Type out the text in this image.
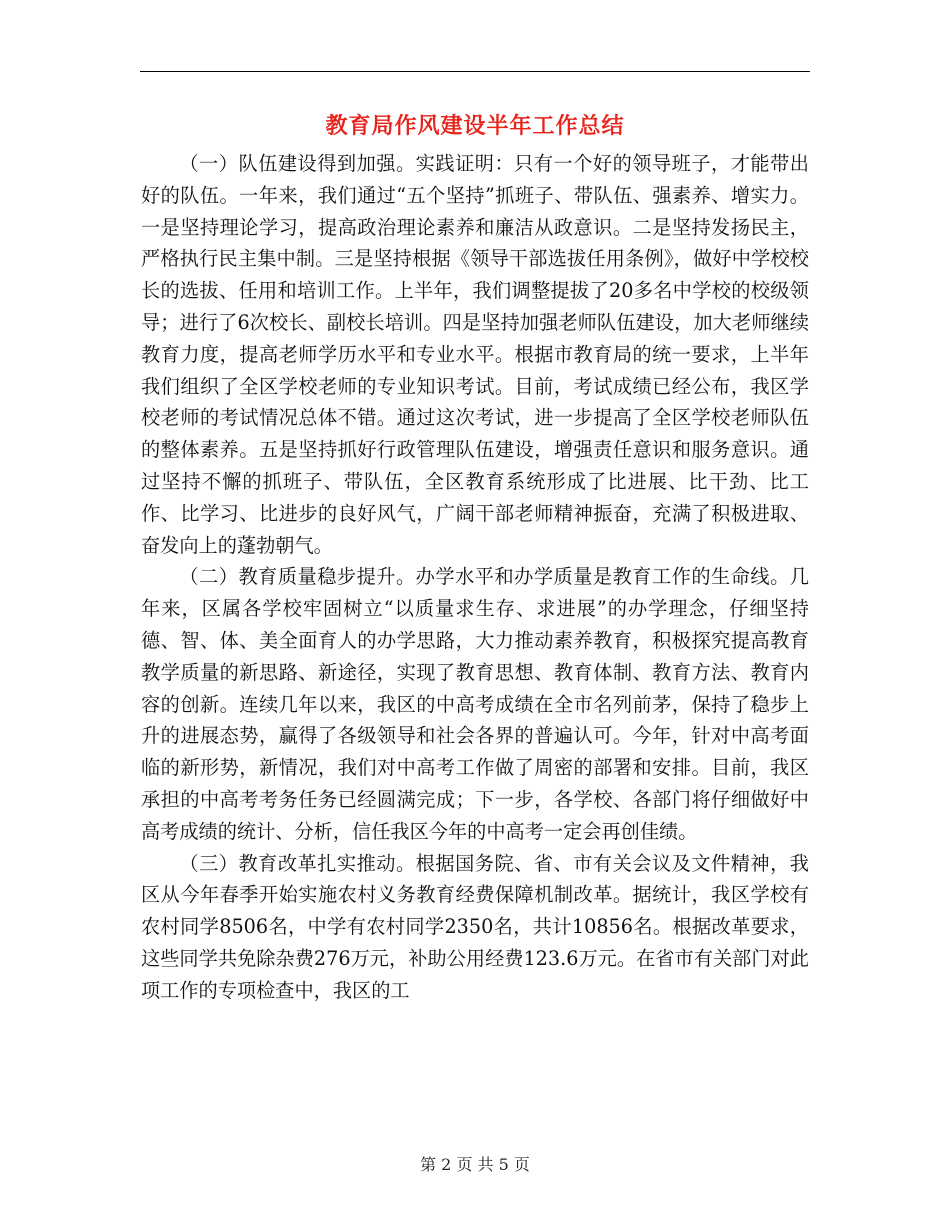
教育局作风建设半年工作总结

（一）队伍建设得到加强。实践证明：只有一个好的领导班子，才能带出好的队伍。一年来，我们通过“五个坚持”抓班子、带队伍、强素养、增实力。一是坚持理论学习，提高政治理论素养和廉洁从政意识。二是坚持发扬民主，严格执行民主集中制。三是坚持根据《领导干部选拔任用条例》，做好中学校校长的选拔、任用和培训工作。上半年，我们调整提拔了20多名中学校的校级领导；进行了6次校长、副校长培训。四是坚持加强老师队伍建设，加大老师继续教育力度，提高老师学历水平和专业水平。根据市教育局的统一要求，上半年我们组织了全区学校老师的专业知识考试。目前，考试成绩已经公布，我区学校老师的考试情况总体不错。通过这次考试，进一步提高了全区学校老师队伍的整体素养。五是坚持抓好行政管理队伍建设，增强责任意识和服务意识。通过坚持不懈的抓班子、带队伍，全区教育系统形成了比进展、比干劲、比工作、比学习、比进步的良好风气，广阔干部老师精神振奋，充满了积极进取、奋发向上的蓬勃朝气。

（二）教育质量稳步提升。办学水平和办学质量是教育工作的生命线。几年来，区属各学校牢固树立“以质量求生存、求进展”的办学理念，仔细坚持德、智、体、美全面育人的办学思路，大力推动素养教育，积极探究提高教育教学质量的新思路、新途径，实现了教育思想、教育体制、教育方法、教育内容的创新。连续几年以来，我区的中高考成绩在全市名列前茅，保持了稳步上升的进展态势，赢得了各级领导和社会各界的普遍认可。今年，针对中高考面临的新形势，新情况，我们对中高考工作做了周密的部署和安排。目前，我区承担的中高考考务任务已经圆满完成；下一步，各学校、各部门将仔细做好中高考成绩的统计、分析，信任我区今年的中高考一定会再创佳绩。

（三）教育改革扎实推动。根据国务院、省、市有关会议及文件精神，我区从今年春季开始实施农村义务教育经费保障机制改革。据统计，我区学校有农村同学8506名，中学有农村同学2350名，共计10856名。根据改革要求，这些同学共免除杂费276万元，补助公用经费123.6万元。在省市有关部门对此项工作的专项检查中，我区的工

第 2 页 共 5 页
